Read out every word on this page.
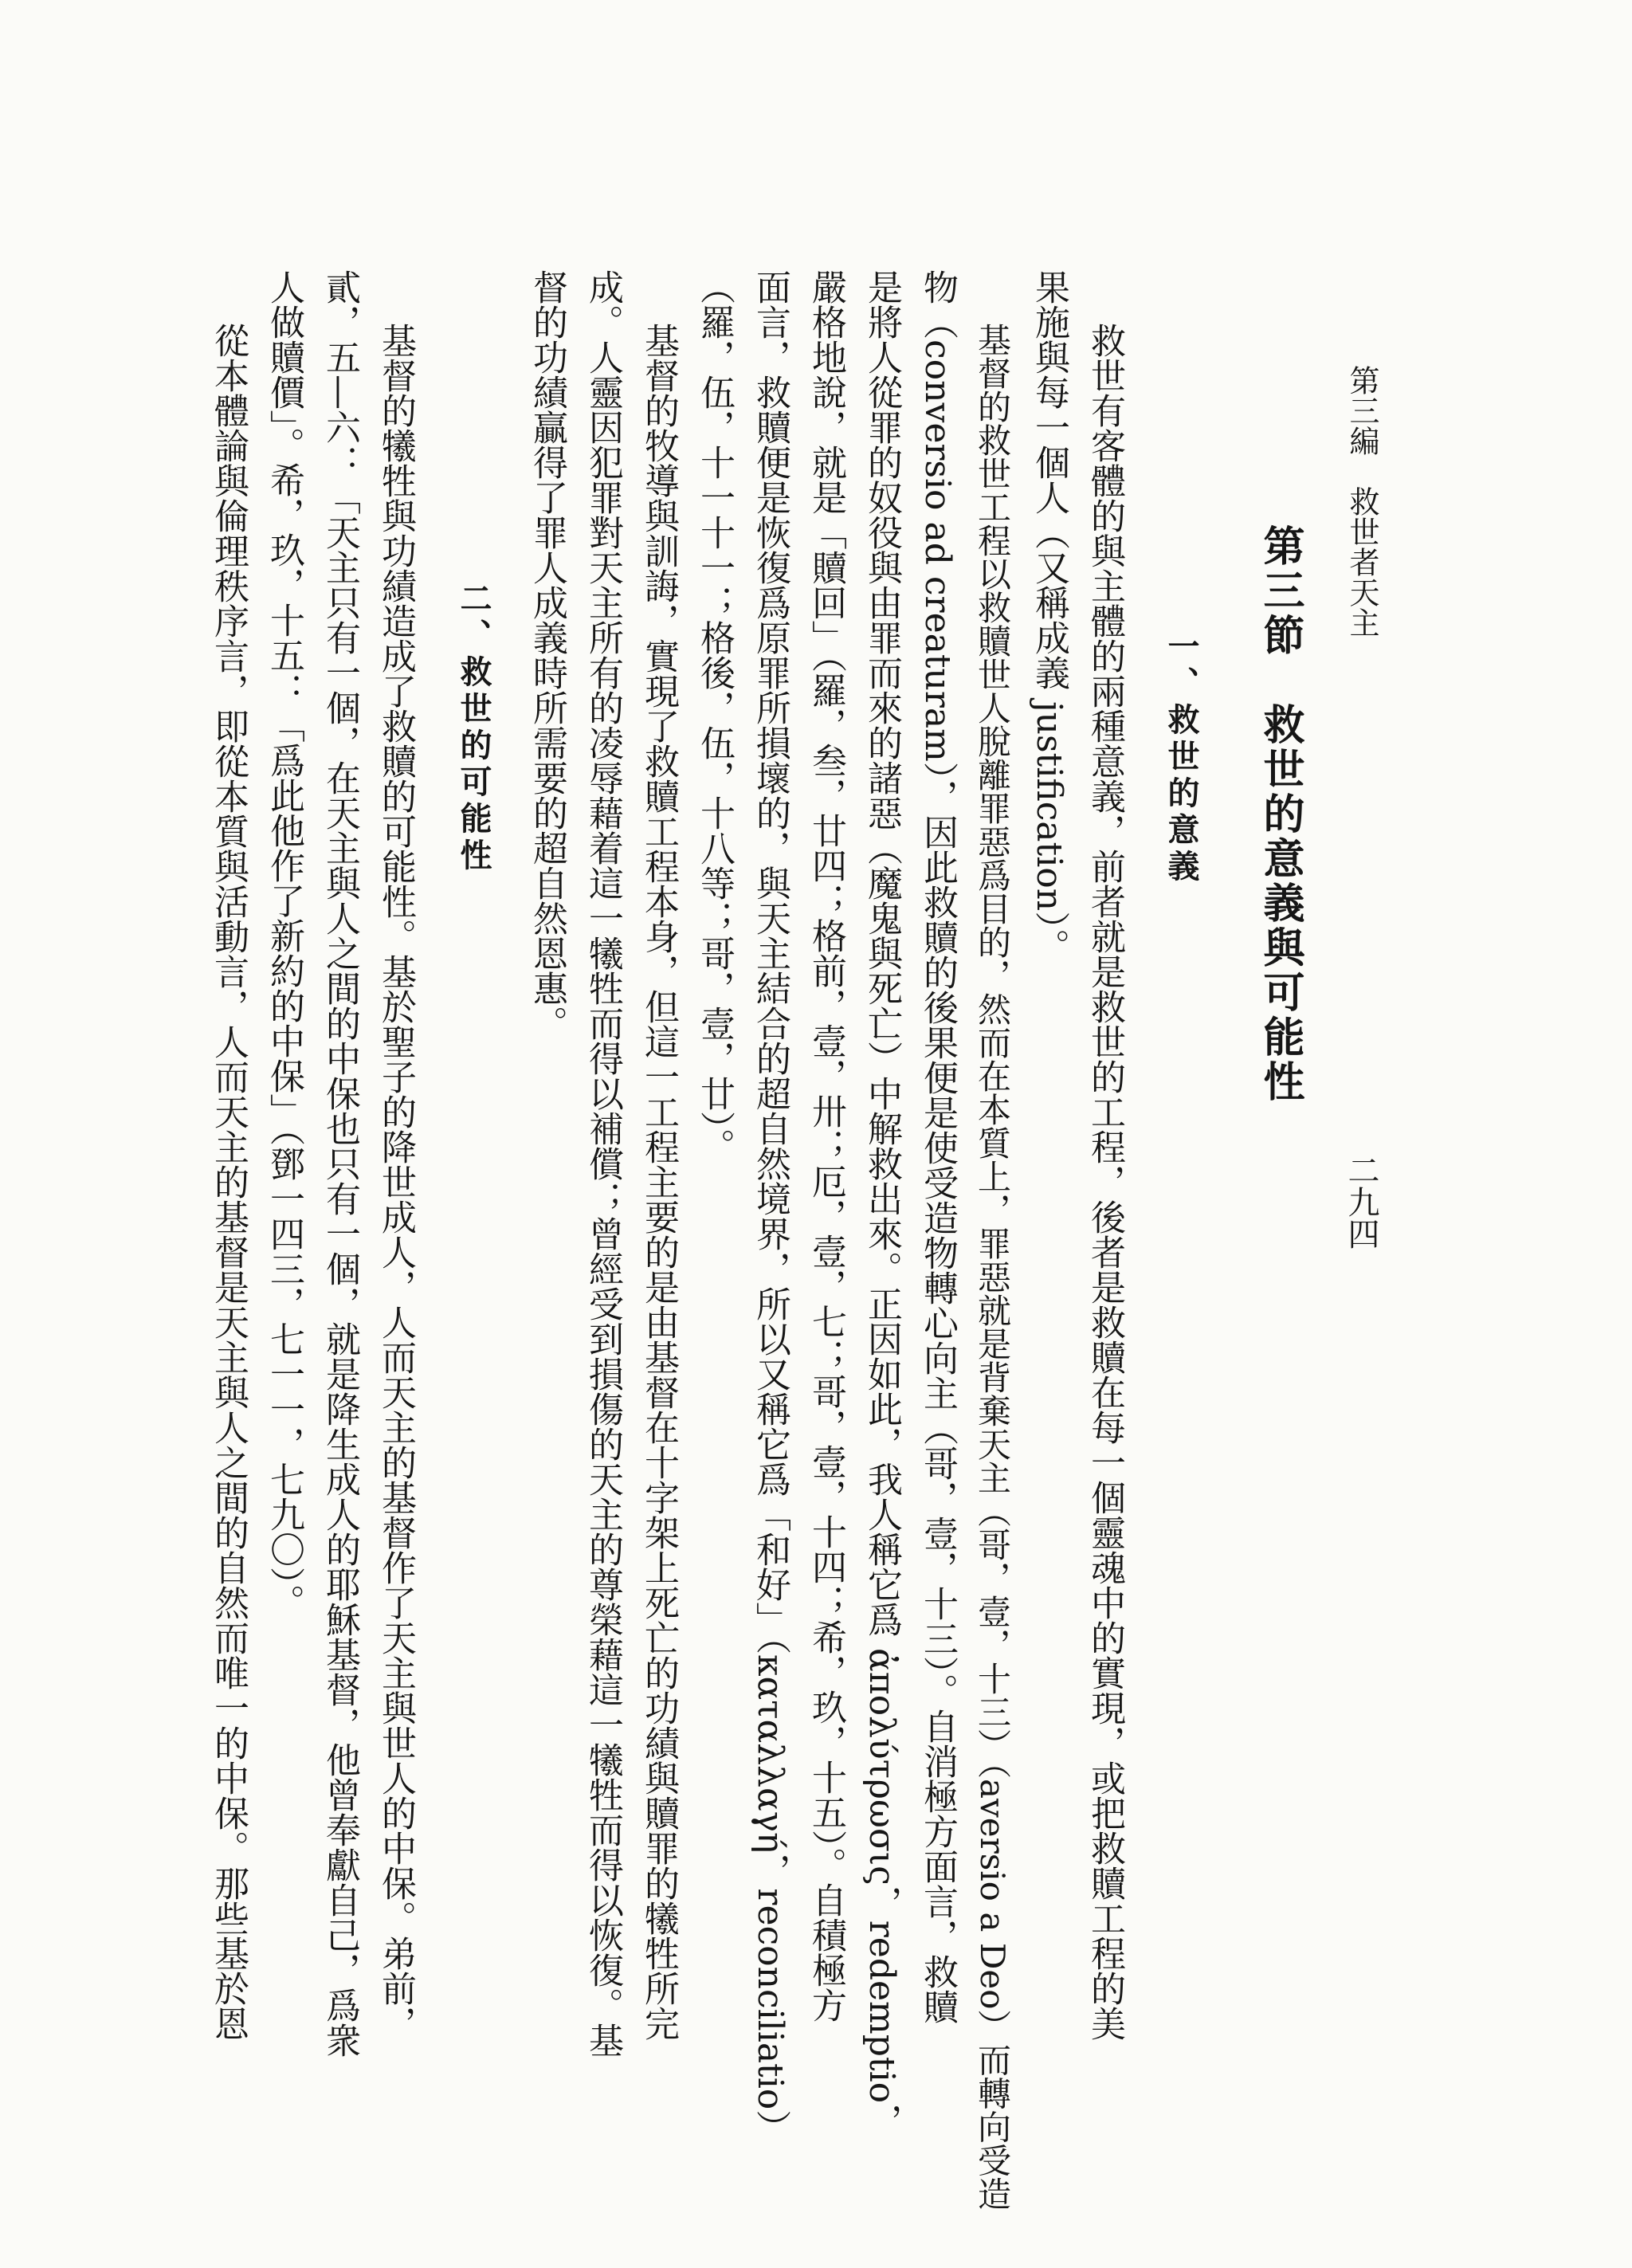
第三編　救世者天主
二九四
第三節　救世的意義與可能性
一、救世的意義
救世有客體的與主體的兩種意義，前者就是救世的工程，後者是救贖在每一個靈魂中的實現，或把救贖工程的美
果施與每一個人（又稱成義 justification）。
基督的救世工程以救贖世人脫離罪惡爲目的，然而在本質上，罪惡就是背棄天主（哥，壹，十三）（aversio a Deo）而轉向受造
物（conversio ad creaturam），因此救贖的後果便是使受造物轉心向主（哥，壹，十三）。自消極方面言，救贖
是將人從罪的奴役與由罪而來的諸惡（魔鬼與死亡）中解救出來。正因如此，我人稱它爲 ἀπολύτρωσις，redemptio，
嚴格地說，就是「贖回」（羅，叁，廿四；格前，壹，卅；厄，壹，七；哥，壹，十四；希，玖，十五）。自積極方
面言，救贖便是恢復爲原罪所損壞的，與天主結合的超自然境界，所以又稱它爲「和好」（καταλλαγή，reconciliatio）
（羅，伍，十一十一；格後，伍，十八等；哥，壹，廿）。
基督的牧導與訓誨，實現了救贖工程本身，但這一工程主要的是由基督在十字架上死亡的功績與贖罪的犧牲所完
成。人靈因犯罪對天主所有的凌辱藉着這一犧牲而得以補償；曾經受到損傷的天主的尊榮藉這一犧牲而得以恢復。基
督的功績贏得了罪人成義時所需要的超自然恩惠。
二、救世的可能性
基督的犧牲與功績造成了救贖的可能性。基於聖子的降世成人，人而天主的基督作了天主與世人的中保。弟前，
貳，五—六：「天主只有一個，在天主與人之間的中保也只有一個，就是降生成人的耶穌基督，他曾奉獻自己，爲衆
人做贖價」。希，玖，十五：「爲此他作了新約的中保」（鄧一四三，七一一，七九〇）。
從本體論與倫理秩序言，即從本質與活動言，人而天主的基督是天主與人之間的自然而唯一的中保。那些基於恩
